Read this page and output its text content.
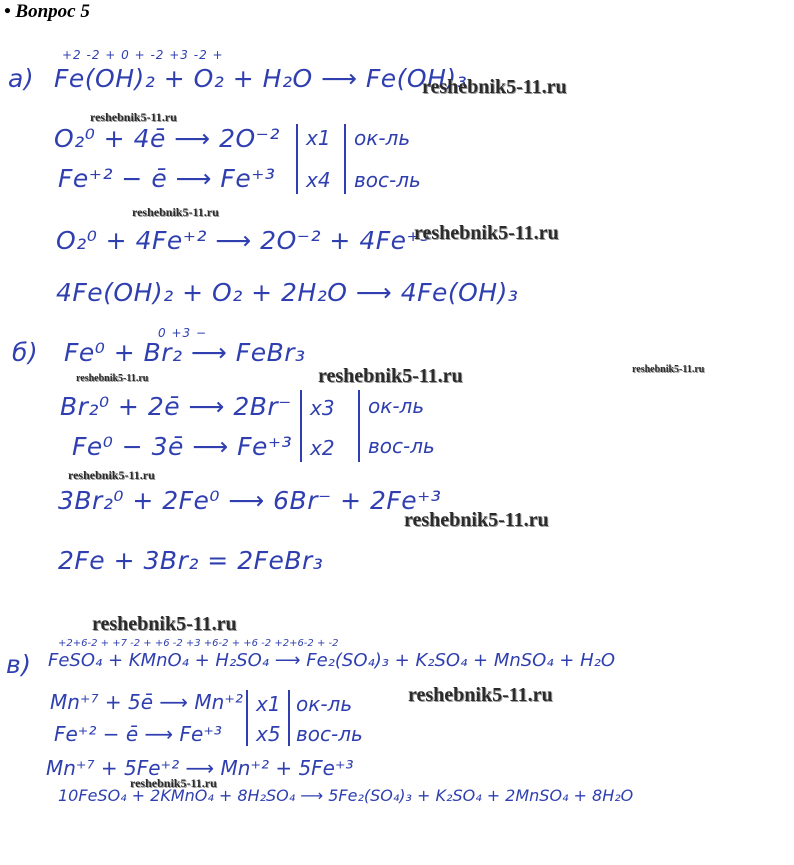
• Вопрос 5
+2 -2 + 0 + -2 +3 -2 +
а) Fe(OH)₂ + O₂ + H₂O ⟶ Fe(OH)₃
O₂⁰ + 4ē ⟶ 2O⁻²
Fe⁺² − ē ⟶ Fe⁺³
x1
x4
ок-ль
вос-ль
O₂⁰ + 4Fe⁺² ⟶ 2O⁻² + 4Fe⁺³
4Fe(OH)₂ + O₂ + 2H₂O ⟶ 4Fe(OH)₃
0 +3 −
б) Fe⁰ + Br₂ ⟶ FeBr₃
Br₂⁰ + 2ē ⟶ 2Br⁻
Fe⁰ − 3ē ⟶ Fe⁺³
x3
x2
ок-ль
вос-ль
3Br₂⁰ + 2Fe⁰ ⟶ 6Br⁻ + 2Fe⁺³
2Fe + 3Br₂ = 2FeBr₃
+2+6-2 + +7 -2 + +6 -2 +3 +6-2 + +6 -2 +2+6-2 + -2
в) FeSO₄ + KMnO₄ + H₂SO₄ ⟶ Fe₂(SO₄)₃ + K₂SO₄ + MnSO₄ + H₂O
Mn⁺⁷ + 5ē ⟶ Mn⁺²
Fe⁺² − ē ⟶ Fe⁺³
x1
x5
ок-ль
вос-ль
Mn⁺⁷ + 5Fe⁺² ⟶ Mn⁺² + 5Fe⁺³
10FeSO₄ + 2KMnO₄ + 8H₂SO₄ ⟶ 5Fe₂(SO₄)₃ + K₂SO₄ + 2MnSO₄ + 8H₂O
reshebnik5-11.ru
reshebnik5-11.ru
reshebnik5-11.ru
reshebnik5-11.ru
reshebnik5-11.ru	reshebnik5-11.ru
reshebnik5-11.ru
reshebnik5-11.ru
reshebnik5-11.ru
reshebnik5-11.ru
reshebnik5-11.ru
reshebnik5-11.ru
